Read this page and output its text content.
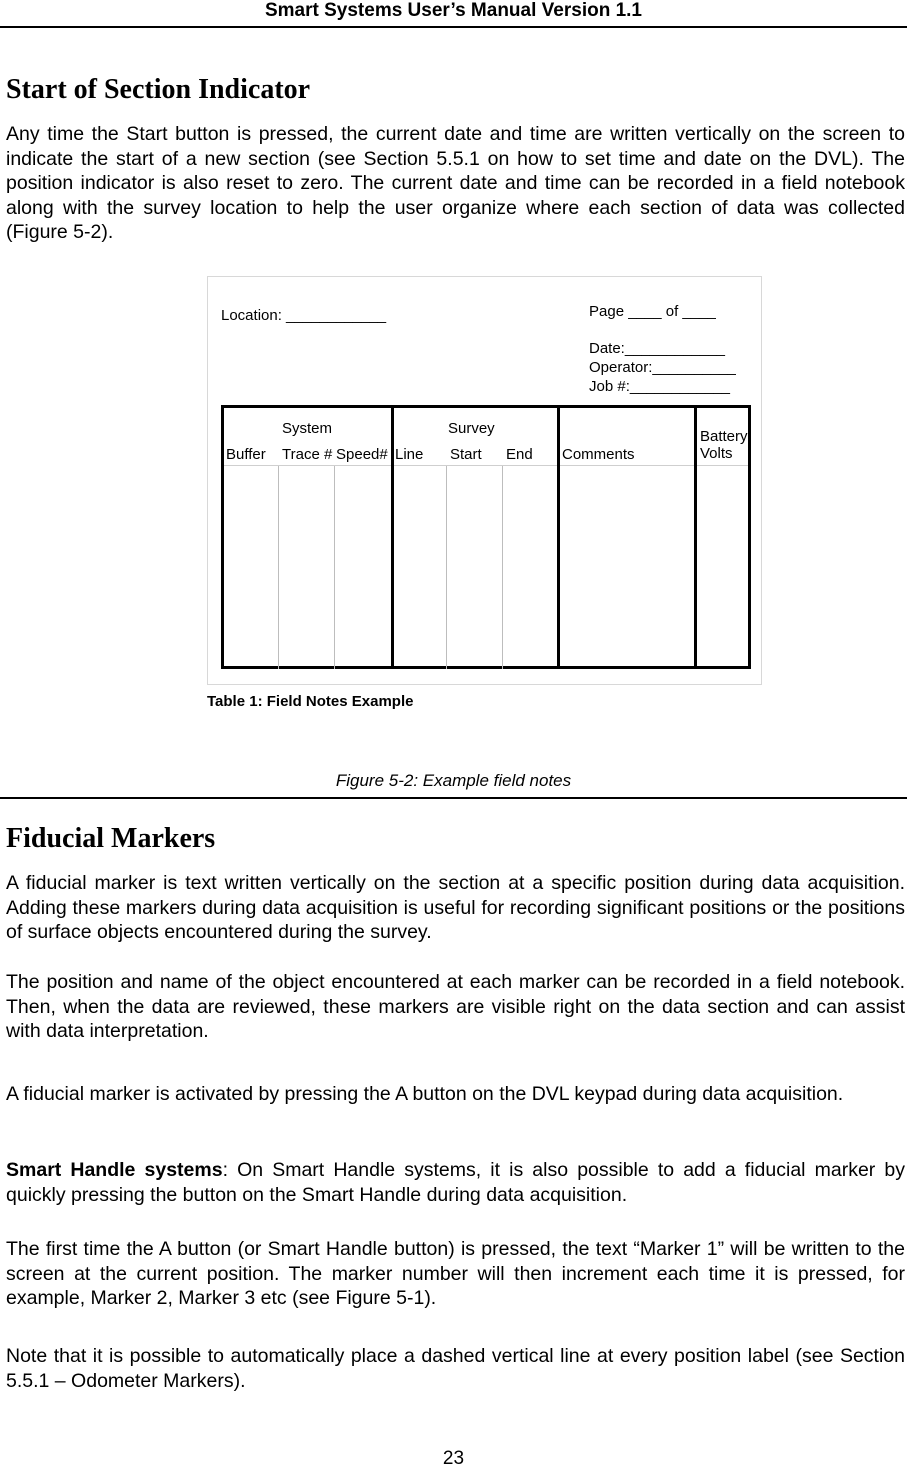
Smart Systems User’s Manual Version 1.1
Start of Section Indicator

Any time the Start button is pressed, the current date and time are written vertically on the screen to indicate the start of a new section (see Section 5.5.1 on how to set time and date on the DVL). The position indicator is also reset to zero. The current date and time can be recorded in a field notebook along with the survey location to help the user organize where each section of data was collected (Figure 5-2).

Location: ____________	Page ____ of ____
Date:____________
Operator:__________
Job #:____________
System	Survey
Buffer Trace # Speed# Line Start End Comments
Battery
Volts
Table 1: Field Notes Example
Figure 5-2: Example field notes
Fiducial Markers

A fiducial marker is text written vertically on the section at a specific position during data acquisition. Adding these markers during data acquisition is useful for recording significant positions or the positions of surface objects encountered during the survey.

The position and name of the object encountered at each marker can be recorded in a field notebook. Then, when the data are reviewed, these markers are visible right on the data section and can assist with data interpretation.

A fiducial marker is activated by pressing the A button on the DVL keypad during data acquisition.

Smart Handle systems: On Smart Handle systems, it is also possible to add a fiducial marker by quickly pressing the button on the Smart Handle during data acquisition.

The first time the A button (or Smart Handle button) is pressed, the text “Marker 1” will be written to the screen at the current position. The marker number will then increment each time it is pressed, for example, Marker 2, Marker 3 etc (see Figure 5-1).

Note that it is possible to automatically place a dashed vertical line at every position label (see Section 5.5.1 – Odometer Markers).

23
